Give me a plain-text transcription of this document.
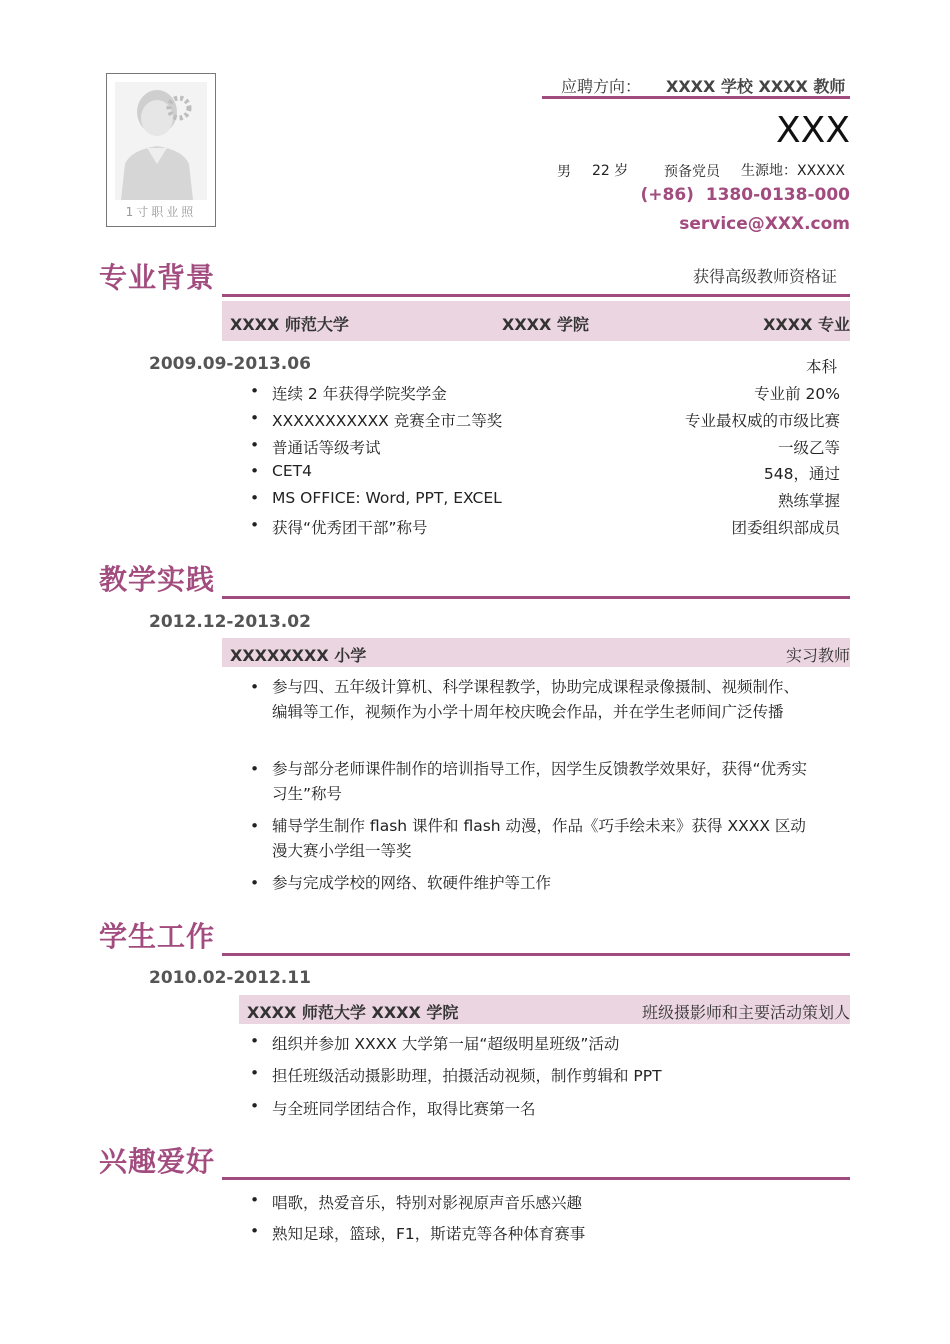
1寸职业照
应聘方向： XXXX 学校 XXXX 教师
XXX
男 22 岁	预备党员 生源地：XXXXX
(+86)  1380-0138-000
service@XXX.com
专业背景	获得高级教师资格证
XXXX 师范大学	XXXX 学院	XXXX 专业
2009.09-2013.06	本科
• 连续 2 年获得学院奖学金	专业前 20%
• XXXXXXXXXXX 竞赛全市二等奖	专业最权威的市级比赛
• 普通话等级考试	一级乙等
• CET4	548，通过
• MS OFFICE: Word, PPT, EXCEL	熟练掌握
• 获得“优秀团干部”称号	团委组织部成员
教学实践
2012.12-2013.02
XXXXXXXX 小学	实习教师
• 参与四、五年级计算机、科学课程教学，协助完成课程录像摄制、视频制作、编辑等工作，视频作为小学十周年校庆晚会作品，并在学生老师间广泛传播
• 参与部分老师课件制作的培训指导工作，因学生反馈教学效果好，获得“优秀实习生”称号
• 辅导学生制作 flash 课件和 flash 动漫，作品《巧手绘未来》获得 XXXX 区动漫大赛小学组一等奖
• 参与完成学校的网络、软硬件维护等工作
学生工作
2010.02-2012.11
XXXX 师范大学 XXXX 学院	班级摄影师和主要活动策划人
• 组织并参加 XXXX 大学第一届“超级明星班级”活动
• 担任班级活动摄影助理，拍摄活动视频，制作剪辑和 PPT
• 与全班同学团结合作，取得比赛第一名
兴趣爱好
• 唱歌，热爱音乐，特别对影视原声音乐感兴趣
• 熟知足球，篮球，F1，斯诺克等各种体育赛事
